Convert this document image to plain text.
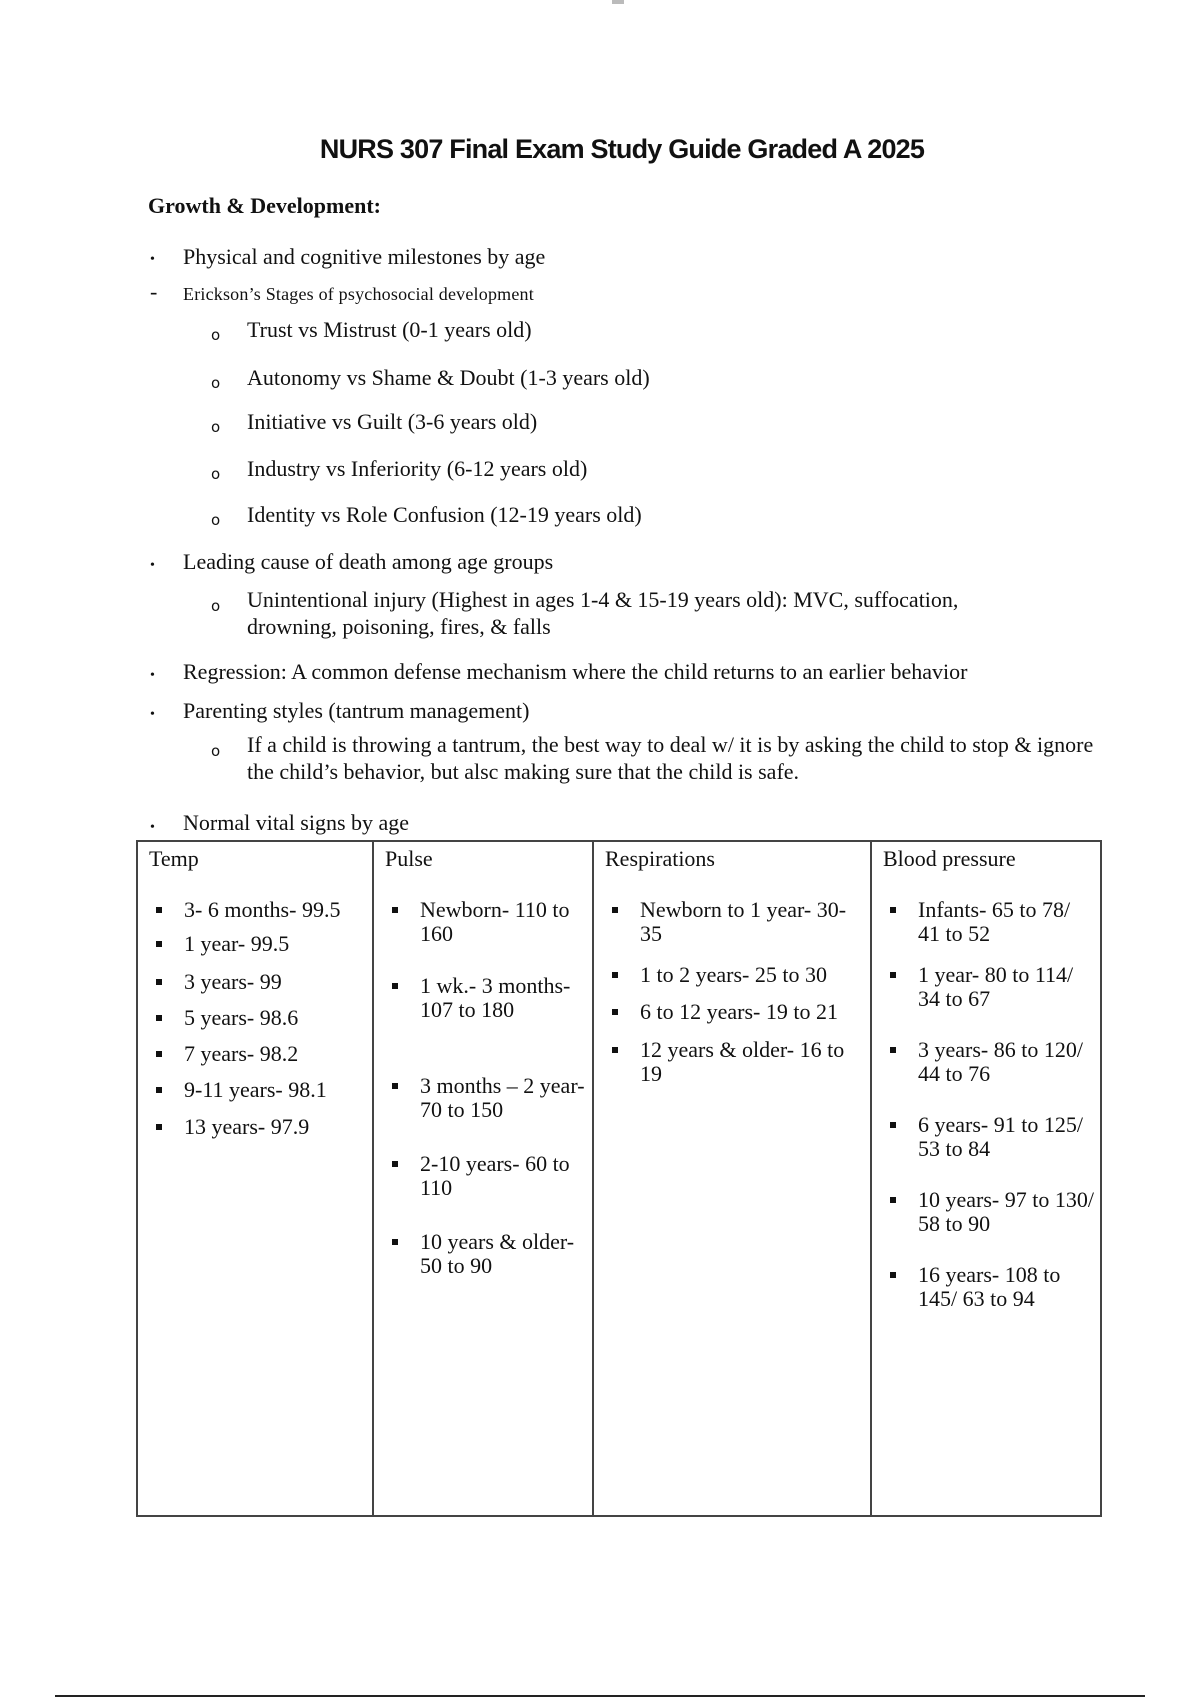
NURS 307 Final Exam Study Guide Graded A 2025
Growth & Development:
• Physical and cognitive milestones by age
- Erickson’s Stages of psychosocial development
o Trust vs Mistrust (0-1 years old)
o Autonomy vs Shame & Doubt (1-3 years old)
o Initiative vs Guilt (3-6 years old)
o Industry vs Inferiority (6-12 years old)
o Identity vs Role Confusion (12-19 years old)
• Leading cause of death among age groups
o Unintentional injury (Highest in ages 1-4 & 15-19 years old): MVC, suffocation, drowning, poisoning, fires, & falls
• Regression: A common defense mechanism where the child returns to an earlier behavior
• Parenting styles (tantrum management)
o If a child is throwing a tantrum, the best way to deal w/ it is by asking the child to stop & ignore the child’s behavior, but alsc making sure that the child is safe.
• Normal vital signs by age
Temp
3- 6 months- 99.5
1 year- 99.5
3 years- 99
5 years- 98.6
7 years- 98.2
9-11 years- 98.1
13 years- 97.9
Pulse
Newborn- 110 to 160
1 wk.- 3 months- 107 to 180
3 months – 2 year- 70 to 150
2-10 years- 60 to 110
10 years & older- 50 to 90
Respirations
Newborn to 1 year- 30-35
1 to 2 years- 25 to 30
6 to 12 years- 19 to 21
12 years & older- 16 to 19
Blood pressure
Infants- 65 to 78/ 41 to 52
1 year- 80 to 114/ 34 to 67
3 years- 86 to 120/ 44 to 76
6 years- 91 to 125/ 53 to 84
10 years- 97 to 130/ 58 to 90
16 years- 108 to 145/ 63 to 94
